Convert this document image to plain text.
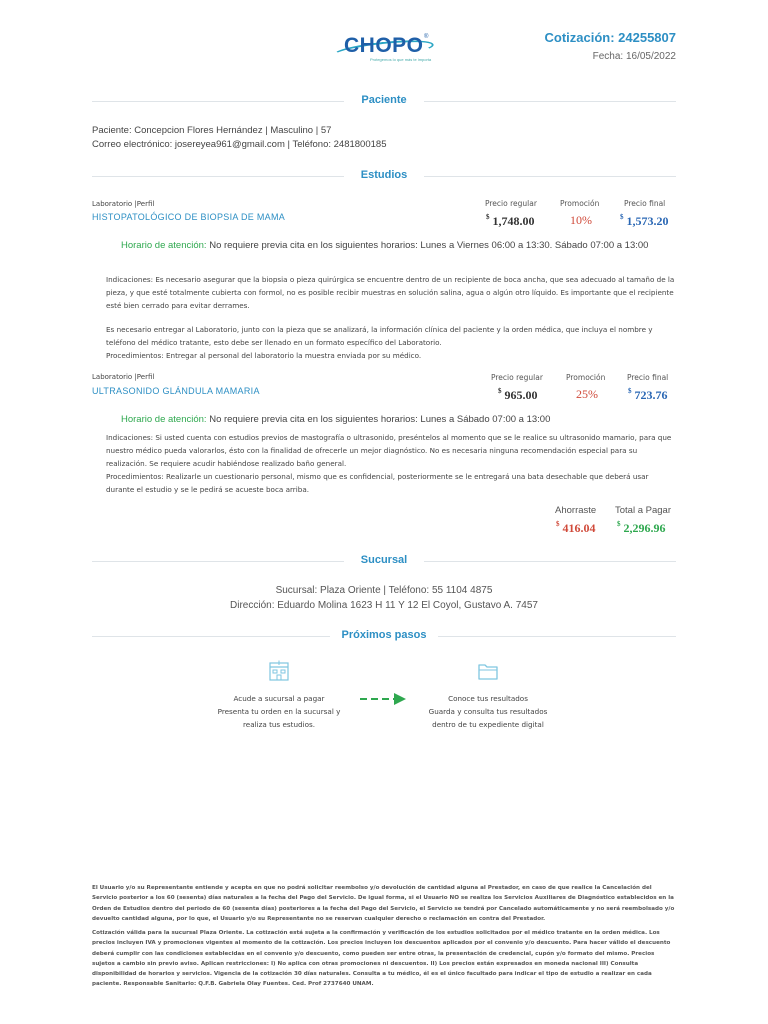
CHOPO ®
Protegemos lo que más te importa
Cotización: 24255807
Fecha: 16/05/2022
Paciente
Paciente: Concepcion Flores Hernández | Masculino | 57
Correo electrónico: josereyea961@gmail.com | Teléfono: 2481800185
Estudios
Laboratorio |Perfil
HISTOPATOLÓGICO DE BIOPSIA DE MAMA
Precio regular	Promoción	Precio final
$ 1,748.00	10%	$ 1,573.20
Horario de atención: No requiere previa cita en los siguientes horarios: Lunes a Viernes 06:00 a 13:30. Sábado 07:00 a 13:00
Indicaciones: Es necesario asegurar que la biopsia o pieza quirúrgica se encuentre dentro de un recipiente de boca ancha, que sea adecuado al tamaño de la pieza, y que esté totalmente cubierta con formol, no es posible recibir muestras en solución salina, agua o algún otro líquido. Es importante que el recipiente esté bien cerrado para evitar derrames.
Es necesario entregar al Laboratorio, junto con la pieza que se analizará, la información clínica del paciente y la orden médica, que incluya el nombre y teléfono del médico tratante, esto debe ser llenado en un formato específico del Laboratorio.
Procedimientos: Entregar al personal del laboratorio la muestra enviada por su médico.
Laboratorio |Perfil
ULTRASONIDO GLÁNDULA MAMARIA
Precio regular	Promoción	Precio final
$ 965.00	25%	$ 723.76
Horario de atención: No requiere previa cita en los siguientes horarios: Lunes a Sábado 07:00 a 13:00
Indicaciones: Si usted cuenta con estudios previos de mastografía o ultrasonido, preséntelos al momento que se le realice su ultrasonido mamario, para que nuestro médico pueda valorarlos, ésto con la finalidad de ofrecerle un mejor diagnóstico. No es necesaria ninguna recomendación especial para su realización. Se requiere acudir habiéndose realizado baño general.
Procedimientos: Realizarle un cuestionario personal, mismo que es confidencial, posteriormente se le entregará una bata desechable que deberá usar durante el estudio y se le pedirá se acueste boca arriba.
Ahorraste Total a Pagar
$ 416.04	$ 2,296.96
Sucursal
Sucursal: Plaza Oriente | Teléfono: 55 1104 4875
Dirección: Eduardo Molina 1623 H 11 Y 12 El Coyol, Gustavo A. 7457
Próximos pasos
Acude a sucursal a pagar
Presenta tu orden en la sucursal y
realiza tus estudios.
Conoce tus resultados
Guarda y consulta tus resultados
dentro de tu expediente digital
El Usuario y/o su Representante entiende y acepta en que no podrá solicitar reembolso y/o devolución de cantidad alguna al Prestador, en caso de que realice la Cancelación del Servicio posterior a los 60 (sesenta) días naturales a la fecha del Pago del Servicio. De igual forma, si el Usuario NO se realiza los Servicios Auxiliares de Diagnóstico establecidos en la Orden de Estudios dentro del periodo de 60 (sesenta días) posteriores a la fecha del Pago del Servicio, el Servicio se tendrá por Cancelado automáticamente y no será reembolsado y/o devuelto cantidad alguna, por lo que, el Usuario y/o su Representante no se reservan cualquier derecho o reclamación en contra del Prestador.
Cotización válida para la sucursal Plaza Oriente. La cotización está sujeta a la confirmación y verificación de los estudios solicitados por el médico tratante en la orden médica. Los precios incluyen IVA y promociones vigentes al momento de la cotización. Los precios incluyen los descuentos aplicados por el convenio y/o descuento. Para hacer válido el descuento deberá cumplir con las condiciones establecidas en el convenio y/o descuento, como pueden ser entre otras, la presentación de credencial, cupón y/o formato del mismo. Precios sujetos a cambio sin previo aviso. Aplican restricciones: I) No aplica con otras promociones ni descuentos. II) Los precios están expresados en moneda nacional III) Consulta disponibilidad de horarios y servicios. Vigencia de la cotización 30 días naturales. Consulta a tu médico, él es el único facultado para indicar el tipo de estudio a realizar en cada paciente. Responsable Sanitario: Q.F.B. Gabriela Olay Fuentes. Ced. Prof 2737640 UNAM.
